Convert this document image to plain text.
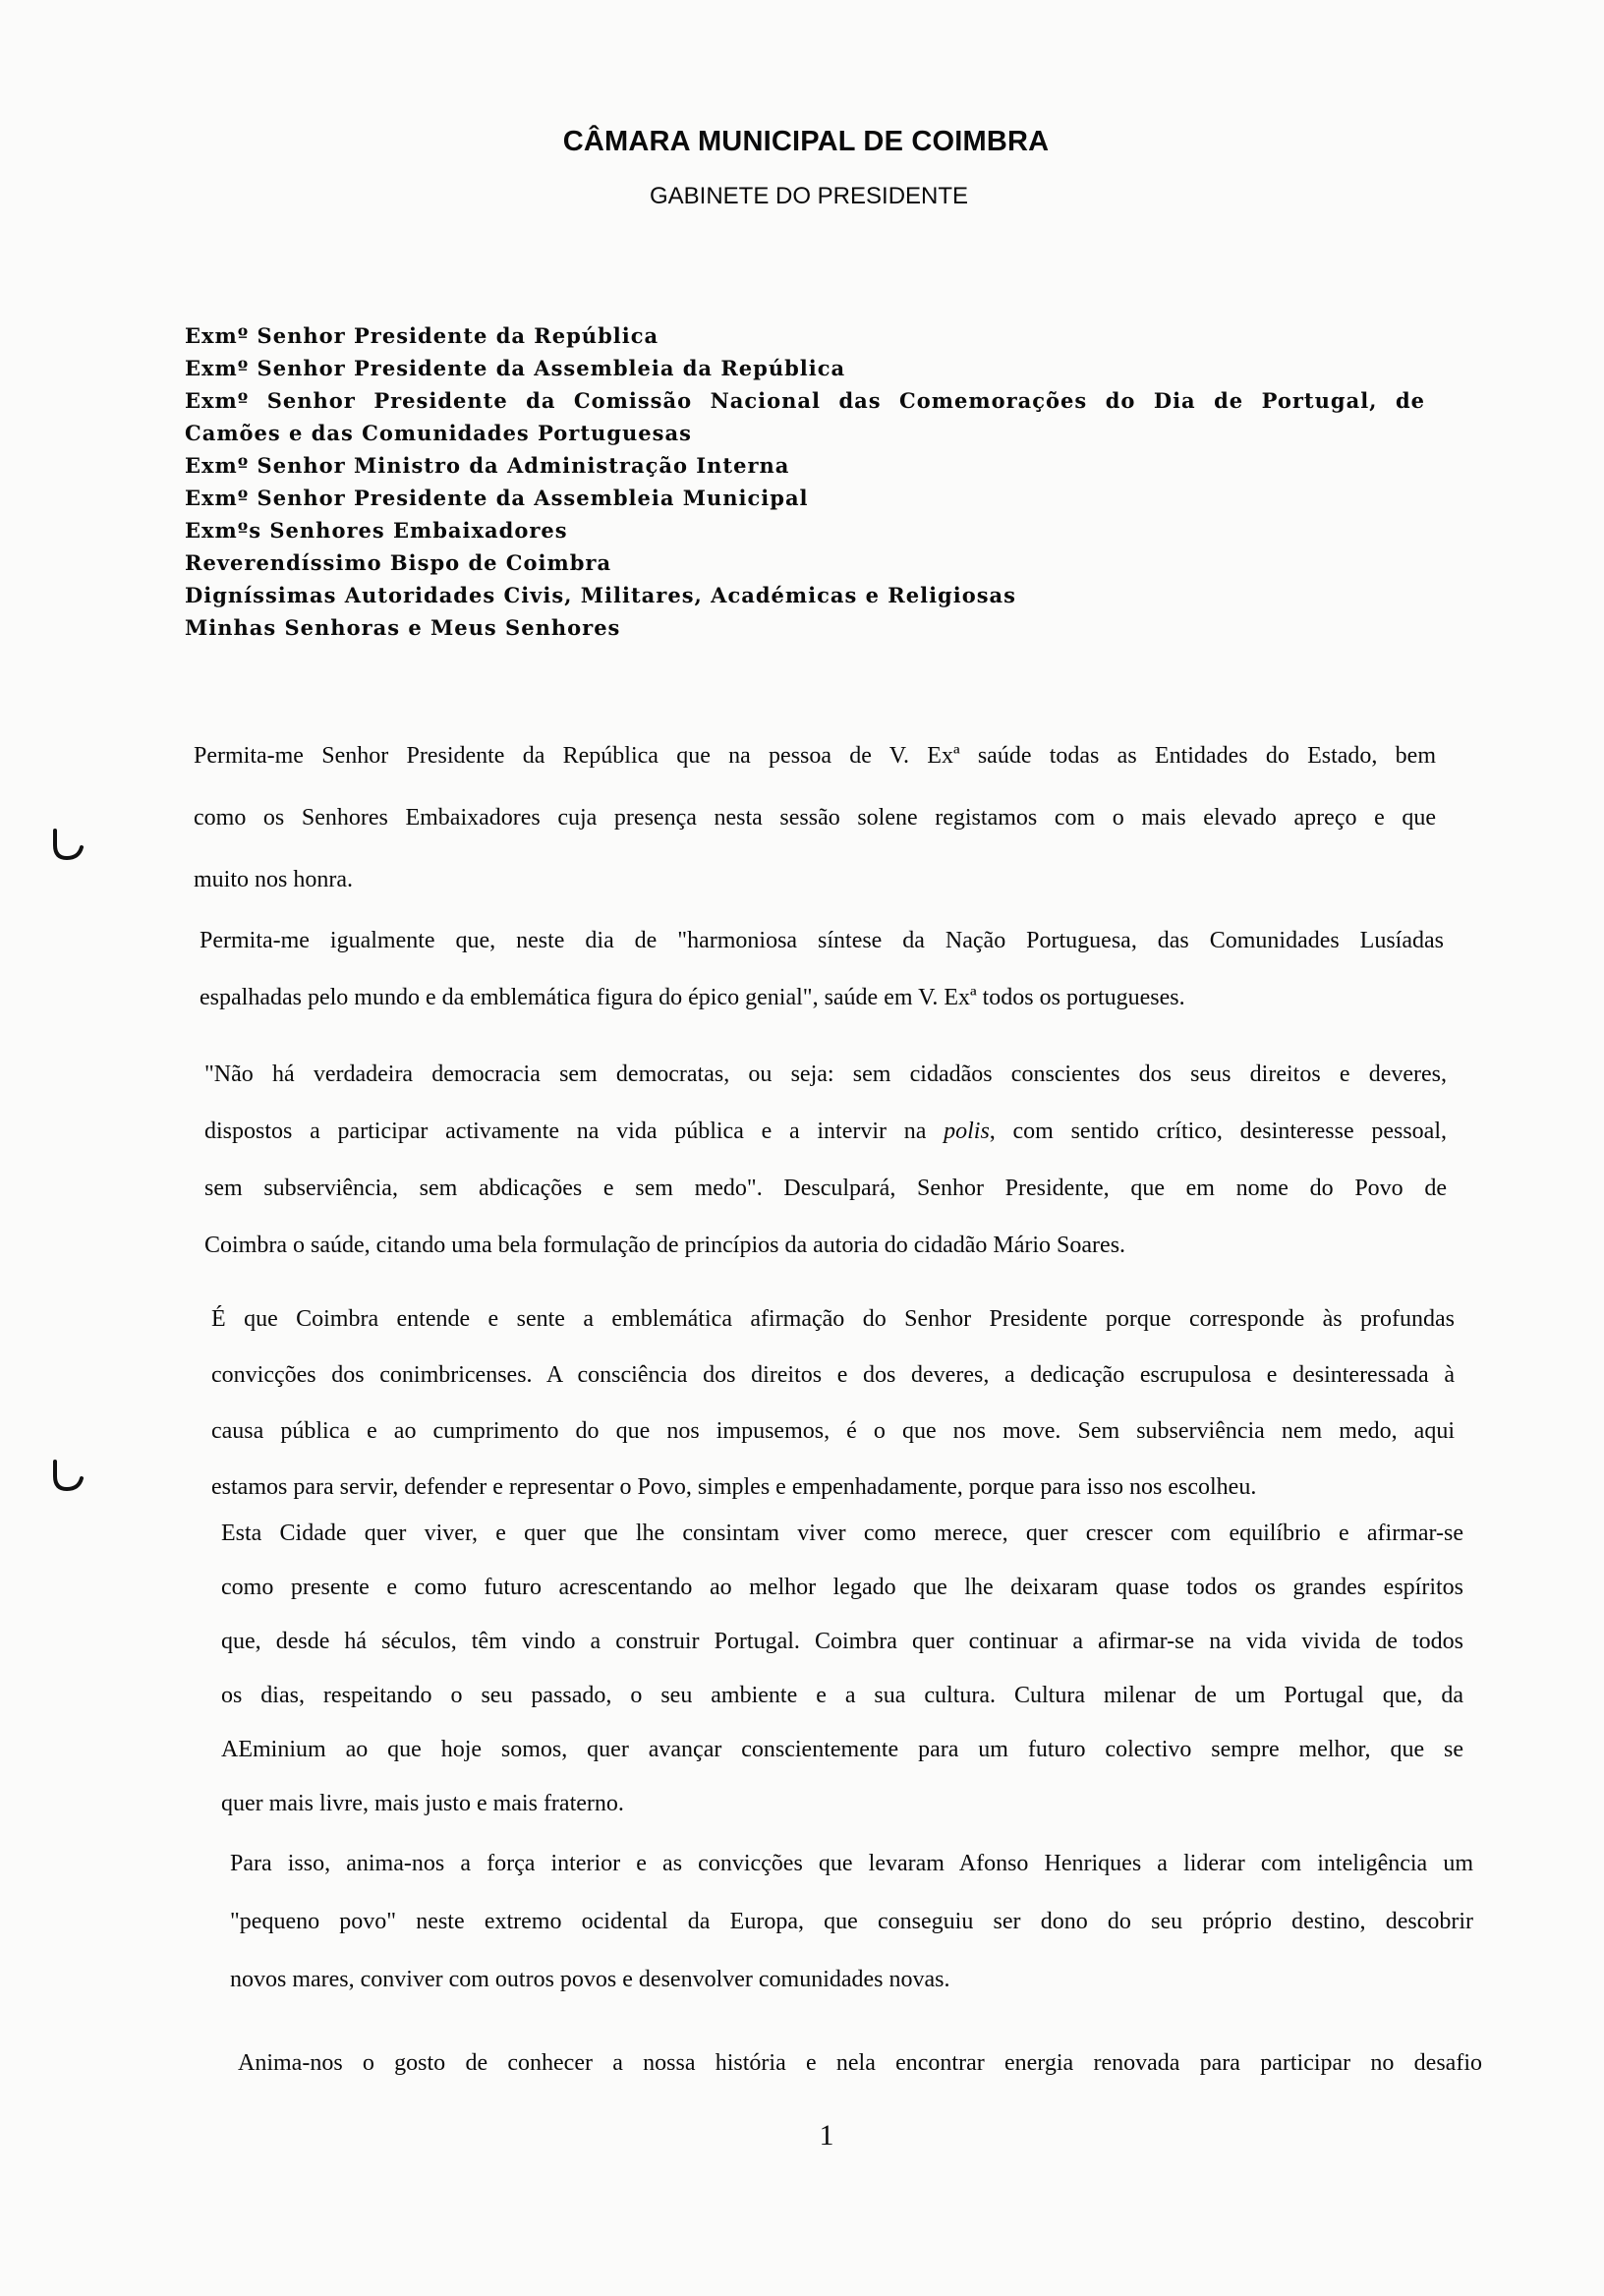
CÂMARA MUNICIPAL DE COIMBRA
GABINETE DO PRESIDENTE
Exmº Senhor Presidente da República
Exmº Senhor Presidente da Assembleia da República
Exmº Senhor Presidente da Comissão Nacional das Comemorações do Dia de Portugal, de
Camões e das Comunidades Portuguesas
Exmº Senhor Ministro da Administração Interna
Exmº Senhor Presidente da Assembleia Municipal
Exmºs Senhores Embaixadores
Reverendíssimo Bispo de Coimbra
Digníssimas Autoridades Civis, Militares, Académicas e Religiosas
Minhas Senhoras e Meus Senhores
Permita-me Senhor Presidente da República que na pessoa de V. Exª saúde todas as Entidades do Estado, bem
como os Senhores Embaixadores cuja presença nesta sessão solene registamos com o mais elevado apreço e que
muito nos honra.
Permita-me igualmente que, neste dia de "harmoniosa síntese da Nação Portuguesa, das Comunidades Lusíadas
espalhadas pelo mundo e da emblemática figura do épico genial", saúde em V. Exª todos os portugueses.
"Não há verdadeira democracia sem democratas, ou seja: sem cidadãos conscientes dos seus direitos e deveres,
dispostos a participar activamente na vida pública e a intervir na polis, com sentido crítico, desinteresse pessoal,
sem subserviência, sem abdicações e sem medo". Desculpará, Senhor Presidente, que em nome do Povo de
Coimbra o saúde, citando uma bela formulação de princípios da autoria do cidadão Mário Soares.
É que Coimbra entende e sente a emblemática afirmação do Senhor Presidente porque corresponde às profundas
convicções dos conimbricenses. A consciência dos direitos e dos deveres, a dedicação escrupulosa e desinteressada à
causa pública e ao cumprimento do que nos impusemos, é o que nos move. Sem subserviência nem medo, aqui
estamos para servir, defender e representar o Povo, simples e empenhadamente, porque para isso nos escolheu.
Esta Cidade quer viver, e quer que lhe consintam viver como merece, quer crescer com equilíbrio e afirmar-se
como presente e como futuro acrescentando ao melhor legado que lhe deixaram quase todos os grandes espíritos
que, desde há séculos, têm vindo a construir Portugal. Coimbra quer continuar a afirmar-se na vida vivida de todos
os dias, respeitando o seu passado, o seu ambiente e a sua cultura. Cultura milenar de um Portugal que, da
AEminium ao que hoje somos, quer avançar conscientemente para um futuro colectivo sempre melhor, que se
quer mais livre, mais justo e mais fraterno.
Para isso, anima-nos a força interior e as convicções que levaram Afonso Henriques a liderar com inteligência um
"pequeno povo" neste extremo ocidental da Europa, que conseguiu ser dono do seu próprio destino, descobrir
novos mares, conviver com outros povos e desenvolver comunidades novas.
Anima-nos o gosto de conhecer a nossa história e nela encontrar energia renovada para participar no desafio
1
